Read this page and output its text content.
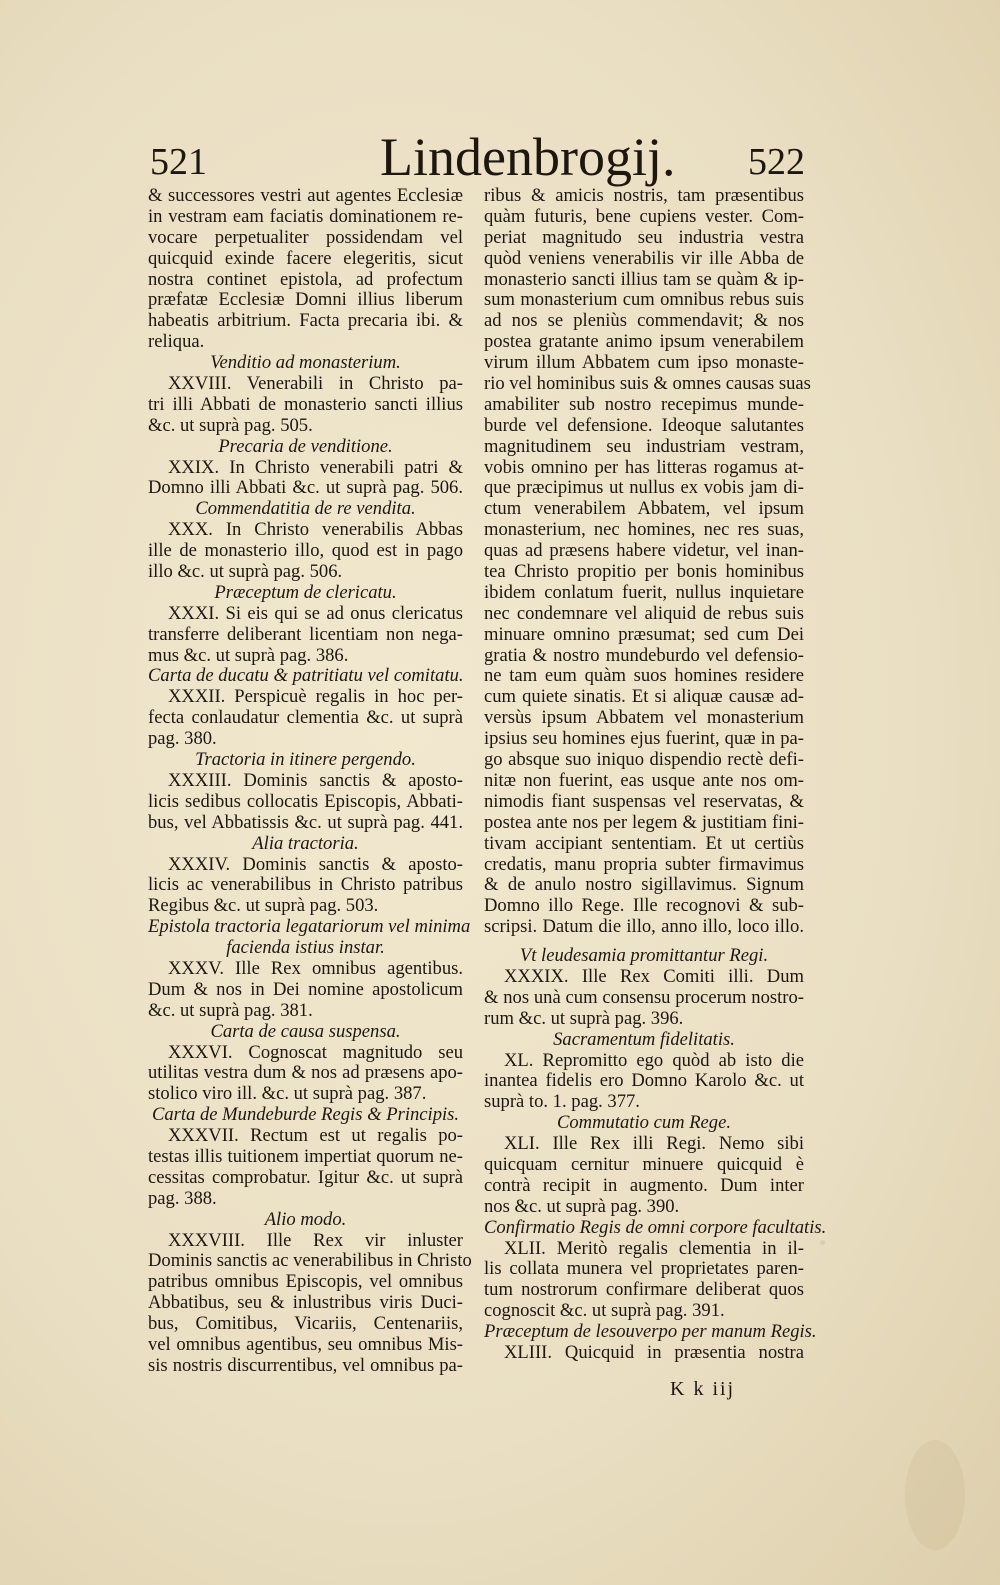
521	Lindenbrogij. 522
& successores vestri aut agentes Ecclesiæ
in vestram eam faciatis dominationem re-
vocare perpetualiter possidendam vel
quicquid exinde facere elegeritis, sicut
nostra continet epistola, ad profectum
præfatæ Ecclesiæ Domni illius liberum
habeatis arbitrium. Facta precaria ibi. &
reliqua.
Venditio ad monasterium.
XXVIII. Venerabili in Christo pa-
tri illi Abbati de monasterio sancti illius
&c. ut suprà pag. 505.
Precaria de venditione.
XXIX. In Christo venerabili patri &
Domno illi Abbati &c. ut suprà pag. 506.
Commendatitia de re vendita.
XXX. In Christo venerabilis Abbas
ille de monasterio illo, quod est in pago
illo &c. ut suprà pag. 506.
Præceptum de clericatu.
XXXI. Si eis qui se ad onus clericatus
transferre deliberant licentiam non nega-
mus &c. ut suprà pag. 386.
Carta de ducatu & patritiatu vel comitatu.
XXXII. Perspicuè regalis in hoc per-
fecta conlaudatur clementia &c. ut suprà
pag. 380.
Tractoria in itinere pergendo.
XXXIII. Dominis sanctis & aposto-
licis sedibus collocatis Episcopis, Abbati-
bus, vel Abbatissis &c. ut suprà pag. 441.
Alia tractoria.
XXXIV. Dominis sanctis & aposto-
licis ac venerabilibus in Christo patribus
Regibus &c. ut suprà pag. 503.
Epistola tractoria legatariorum vel minima
facienda istius instar.
XXXV. Ille Rex omnibus agentibus.
Dum & nos in Dei nomine apostolicum
&c. ut suprà pag. 381.
Carta de causa suspensa.
XXXVI. Cognoscat magnitudo seu
utilitas vestra dum & nos ad præsens apo-
stolico viro ill. &c. ut suprà pag. 387.
Carta de Mundeburde Regis & Principis.
XXXVII. Rectum est ut regalis po-
testas illis tuitionem impertiat quorum ne-
cessitas comprobatur. Igitur &c. ut suprà
pag. 388.
Alio modo.
XXXVIII. Ille Rex vir inluster
Dominis sanctis ac venerabilibus in Christo
patribus omnibus Episcopis, vel omnibus
Abbatibus, seu & inlustribus viris Duci-
bus, Comitibus, Vicariis, Centenariis,
vel omnibus agentibus, seu omnibus Mis-
sis nostris discurrentibus, vel omnibus pa-
ribus & amicis nostris, tam præsentibus
quàm futuris, bene cupiens vester. Com-
periat magnitudo seu industria vestra
quòd veniens venerabilis vir ille Abba de
monasterio sancti illius tam se quàm & ip-
sum monasterium cum omnibus rebus suis
ad nos se pleniùs commendavit; & nos
postea gratante animo ipsum venerabilem
virum illum Abbatem cum ipso monaste-
rio vel hominibus suis & omnes causas suas
amabiliter sub nostro recepimus munde-
burde vel defensione. Ideoque salutantes
magnitudinem seu industriam vestram,
vobis omnino per has litteras rogamus at-
que præcipimus ut nullus ex vobis jam di-
ctum venerabilem Abbatem, vel ipsum
monasterium, nec homines, nec res suas,
quas ad præsens habere videtur, vel inan-
tea Christo propitio per bonis hominibus
ibidem conlatum fuerit, nullus inquietare
nec condemnare vel aliquid de rebus suis
minuare omnino præsumat; sed cum Dei
gratia & nostro mundeburdo vel defensio-
ne tam eum quàm suos homines residere
cum quiete sinatis. Et si aliquæ causæ ad-
versùs ipsum Abbatem vel monasterium
ipsius seu homines ejus fuerint, quæ in pa-
go absque suo iniquo dispendio rectè defi-
nitæ non fuerint, eas usque ante nos om-
nimodis fiant suspensas vel reservatas, &
postea ante nos per legem & justitiam fini-
tivam accipiant sententiam. Et ut certiùs
credatis, manu propria subter firmavimus
& de anulo nostro sigillavimus. Signum
Domno illo Rege. Ille recognovi & sub-
scripsi. Datum die illo, anno illo, loco illo.
Vt leudesamia promittantur Regi.
XXXIX. Ille Rex Comiti illi. Dum
& nos unà cum consensu procerum nostro-
rum &c. ut suprà pag. 396.
Sacramentum fidelitatis.
XL. Repromitto ego quòd ab isto die
inantea fidelis ero Domno Karolo &c. ut
suprà to. 1. pag. 377.
Commutatio cum Rege.
XLI. Ille Rex illi Regi. Nemo sibi
quicquam cernitur minuere quicquid è
contrà recipit in augmento. Dum inter
nos &c. ut suprà pag. 390.
Confirmatio Regis de omni corpore facultatis.
XLII. Meritò regalis clementia in il-
lis collata munera vel proprietates paren-
tum nostrorum confirmare deliberat quos
cognoscit &c. ut suprà pag. 391.
Præceptum de lesouverpo per manum Regis.
XLIII. Quicquid in præsentia nostra
K k iij
